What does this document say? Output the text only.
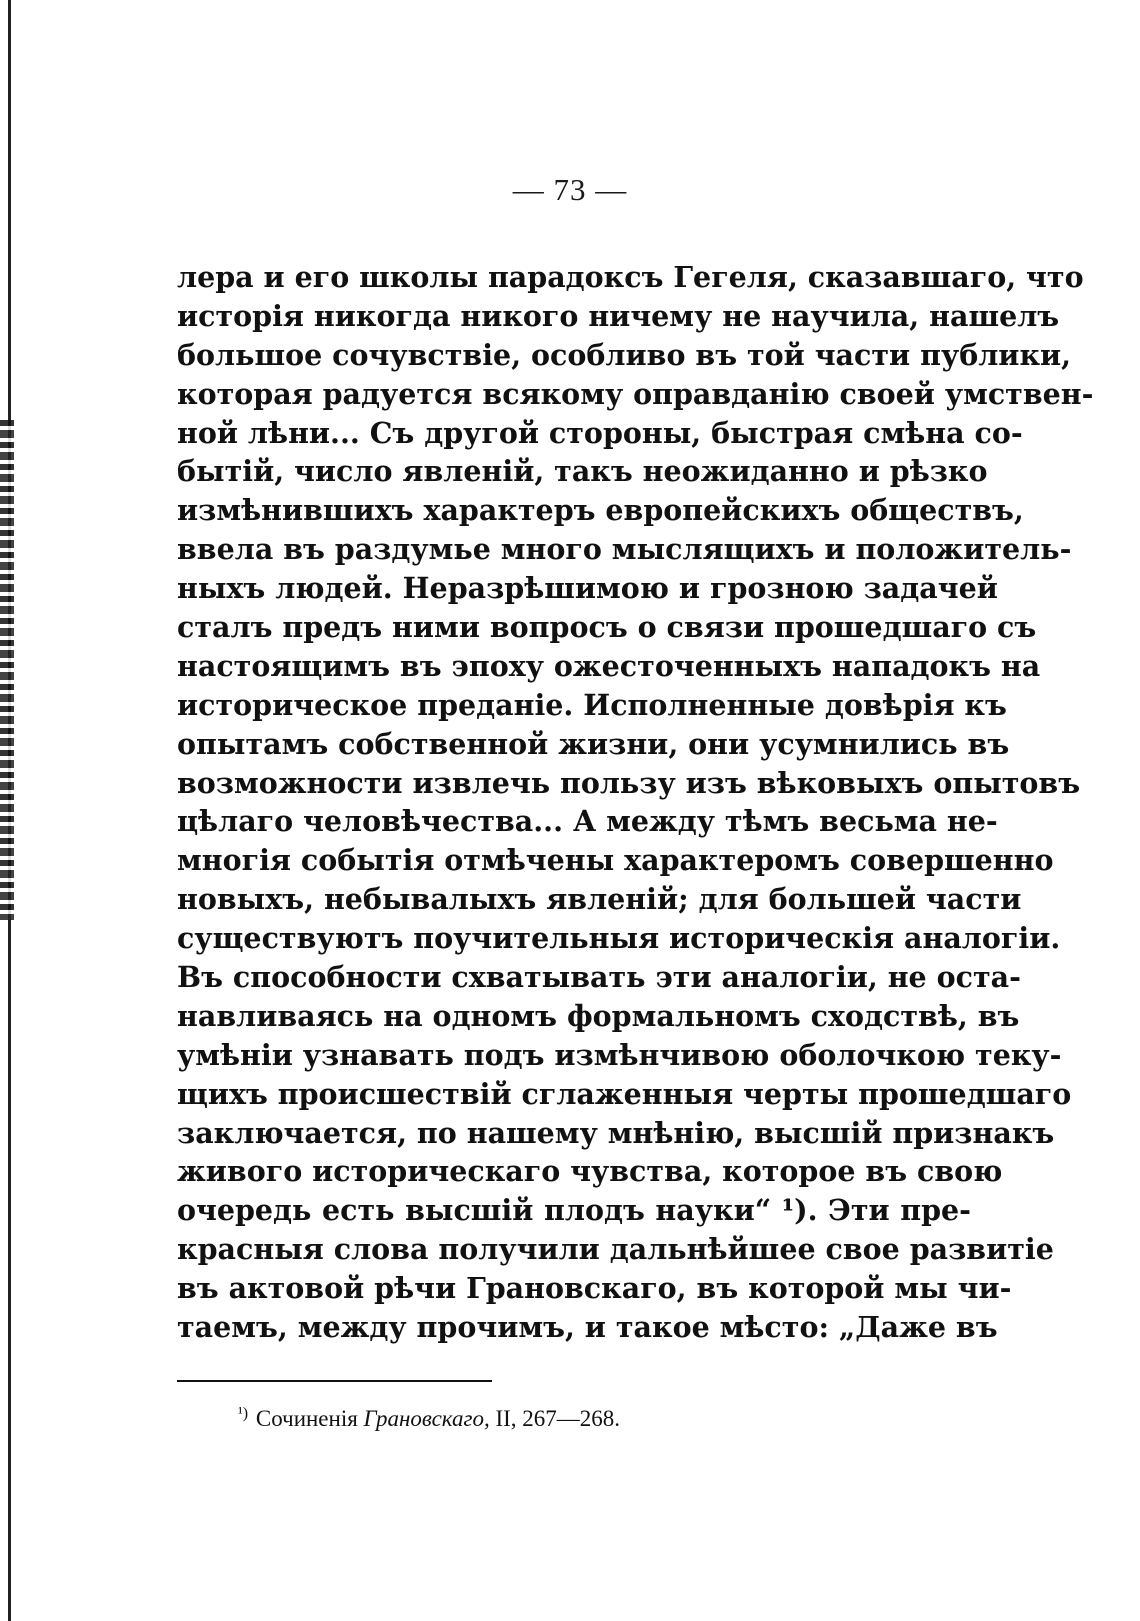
— 73 —
лера и его школы парадоксъ Гегеля, сказавшаго, что
исторія никогда никого ничему не научила, нашелъ
большое сочувствіе, особливо въ той части публики,
которая радуется всякому оправданію своей умствен-
ной лѣни... Съ другой стороны, быстрая смѣна со-
бытій, число явленій, такъ неожиданно и рѣзко
измѣнившихъ характеръ европейскихъ обществъ,
ввела въ раздумье много мыслящихъ и положитель-
ныхъ людей. Неразрѣшимою и грозною задачей
сталъ предъ ними вопросъ о связи прошедшаго съ
настоящимъ въ эпоху ожесточенныхъ нападокъ на
историческое преданіе. Исполненные довѣрія къ
опытамъ собственной жизни, они усумнились въ
возможности извлечь пользу изъ вѣковыхъ опытовъ
цѣлаго человѣчества... А между тѣмъ весьма не-
многія событія отмѣчены характеромъ совершенно
новыхъ, небывалыхъ явленій; для большей части
существуютъ поучительныя историческія аналогіи.
Въ способности схватывать эти аналогіи, не оста-
навливаясь на одномъ формальномъ сходствѣ, въ
умѣніи узнавать подъ измѣнчивою оболочкою теку-
щихъ происшествій сглаженныя черты прошедшаго
заключается, по нашему мнѣнію, высшій признакъ
живого историческаго чувства, которое въ свою
очередь есть высшій плодъ науки“ ¹). Эти пре-
красныя слова получили дальнѣйшее свое развитіе
въ актовой рѣчи Грановскаго, въ которой мы чи-
таемъ, между прочимъ, и такое мѣсто: „Даже въ
$^{^1)}$ Сочиненія Грановскаго, II, 267—268.
